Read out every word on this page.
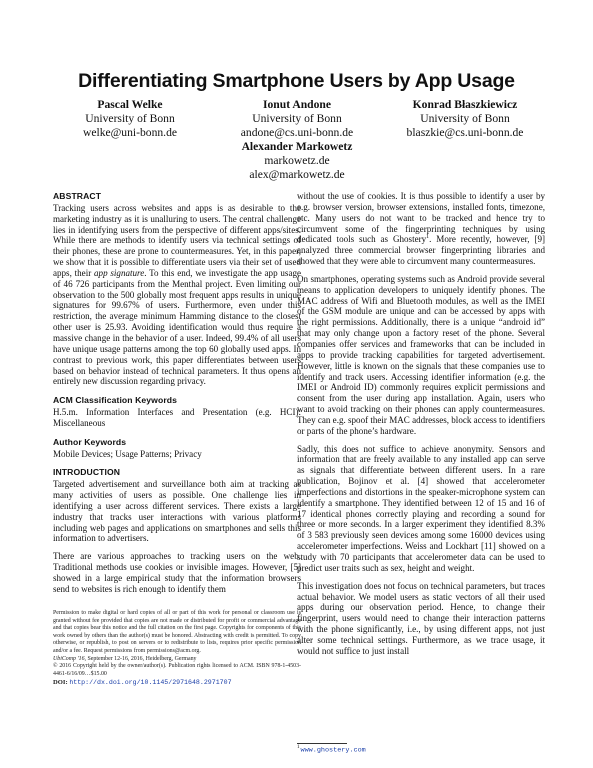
Differentiating Smartphone Users by App Usage
Pascal Welke
University of Bonn
welke@uni-bonn.de
Ionut Andone
University of Bonn
andone@cs.uni-bonn.de
Konrad Błaszkiewicz
University of Bonn
blaszkie@cs.uni-bonn.de
Alexander Markowetz
markowetz.de
alex@markowetz.de
ABSTRACT

Tracking users across websites and apps is as desirable to the marketing industry as it is unalluring to users. The central challenge lies in identifying users from the perspective of different apps/sites. While there are methods to identify users via technical settings of their phones, these are prone to countermeasures. Yet, in this paper, we show that it is possible to differentiate users via their set of used apps, their app signature. To this end, we investigate the app usage of 46 726 participants from the Menthal project. Even limiting our observation to the 500 globally most frequent apps results in unique signatures for 99.67% of users. Furthermore, even under this restriction, the average minimum Hamming distance to the closest other user is 25.93. Avoiding identification would thus require a massive change in the behavior of a user. Indeed, 99.4% of all users have unique usage patterns among the top 60 globally used apps. In contrast to previous work, this paper differentiates between users based on behavior instead of technical parameters. It thus opens an entirely new discussion regarding privacy.

ACM Classification Keywords

H.5.m. Information Interfaces and Presentation (e.g. HCI): Miscellaneous

Author Keywords

Mobile Devices; Usage Patterns; Privacy

INTRODUCTION

Targeted advertisement and surveillance both aim at tracking as many activities of users as possible. One challenge lies in identifying a user across different services. There exists a large industry that tracks user interactions with various platforms including web pages and applications on smartphones and sells this information to advertisers.

There are various approaches to tracking users on the web. Traditional methods use cookies or invisible images. However, [5] showed in a large empirical study that the information browsers send to websites is rich enough to identify them

Permission to make digital or hard copies of all or part of this work for personal or classroom use is granted without fee provided that copies are not made or distributed for profit or commercial advantage and that copies bear this notice and the full citation on the first page. Copyrights for components of this work owned by others than the author(s) must be honored. Abstracting with credit is permitted. To copy otherwise, or republish, to post on servers or to redistribute to lists, requires prior specific permission and/or a fee. Request permissions from permissions@acm.org.

UbiComp '16, September 12-16, 2016, Heidelberg, Germany

© 2016 Copyright held by the owner/author(s). Publication rights licensed to ACM. ISBN 978-1-4503-4461-6/16/09…$15.00

DOI: http://dx.doi.org/10.1145/2971648.2971707

without the use of cookies. It is thus possible to identify a user by e.g. browser version, browser extensions, installed fonts, timezone, etc. Many users do not want to be tracked and hence try to circumvent some of the fingerprinting techniques by using dedicated tools such as Ghostery$^1$. More recently, however, [9] analyzed three commercial browser fingerprinting libraries and showed that they were able to circumvent many countermeasures.

On smartphones, operating systems such as Android provide several means to application developers to uniquely identify phones. The MAC address of Wifi and Bluetooth modules, as well as the IMEI of the GSM module are unique and can be accessed by apps with the right permissions. Additionally, there is a unique “android id” that may only change upon a factory reset of the phone. Several companies offer services and frameworks that can be included in apps to provide tracking capabilities for targeted advertisement. However, little is known on the signals that these companies use to identify and track users. Accessing identifier information (e.g. the IMEI or Android ID) commonly requires explicit permissions and consent from the user during app installation. Again, users who want to avoid tracking on their phones can apply countermeasures. They can e.g. spoof their MAC addresses, block access to identifiers or parts of the phone’s hardware.

Sadly, this does not suffice to achieve anonymity. Sensors and information that are freely available to any installed app can serve as signals that differentiate between different users. In a rare publication, Bojinov et al. [4] showed that accelerometer imperfections and distortions in the speaker-microphone system can identify a smartphone. They identified between 12 of 15 and 16 of 17 identical phones correctly playing and recording a sound for three or more seconds. In a larger experiment they identified 8.3% of 3 583 previously seen devices among some 16000 devices using accelerometer imperfections. Weiss and Lockhart [11] showed on a study with 70 participants that accelerometer data can be used to predict user traits such as sex, height and weight.

This investigation does not focus on technical parameters, but traces actual behavior. We model users as static vectors of all their used apps during our observation period. Hence, to change their fingerprint, users would need to change their interaction patterns with the phone significantly, i.e., by using different apps, not just alter some technical settings. Furthermore, as we trace usage, it would not suffice to just install

$^1$www.ghostery.com
